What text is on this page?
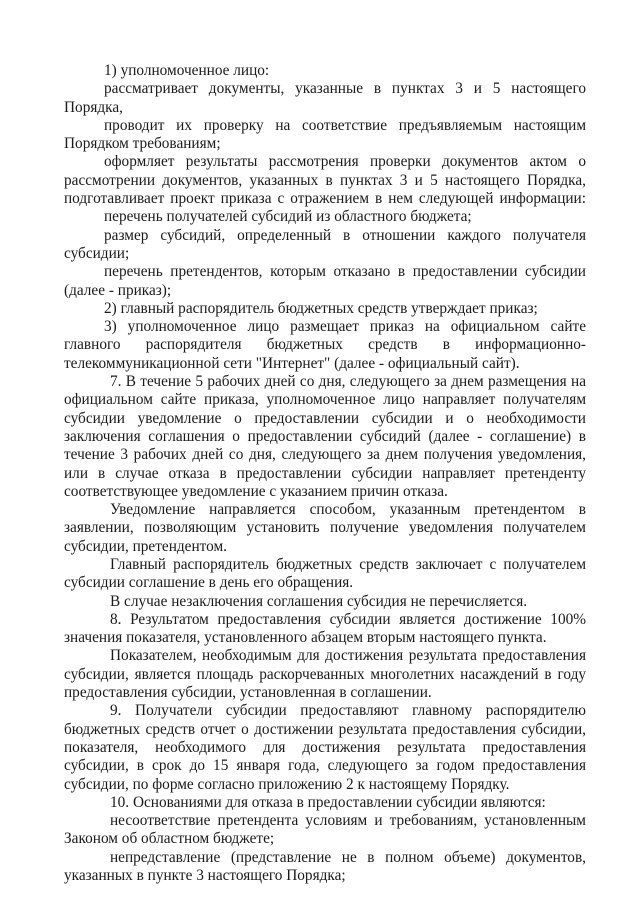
1) уполномоченное лицо:
рассматривает документы, указанные в пунктах 3 и 5 настоящего
Порядка,
проводит их проверку на соответствие предъявляемым настоящим
Порядком требованиям;
оформляет результаты рассмотрения проверки документов актом о
рассмотрении документов, указанных в пунктах 3 и 5 настоящего Порядка,
подготавливает проект приказа с отражением в нем следующей информации:
перечень получателей субсидий из областного бюджета;
размер субсидий, определенный в отношении каждого получателя
субсидии;
перечень претендентов, которым отказано в предоставлении субсидии
(далее - приказ);
2) главный распорядитель бюджетных средств утверждает приказ;
3) уполномоченное лицо размещает приказ на официальном сайте
главного распорядителя бюджетных средств в информационно-
телекоммуникационной сети "Интернет" (далее - официальный сайт).
7. В течение 5 рабочих дней со дня, следующего за днем размещения на
официальном сайте приказа, уполномоченное лицо направляет получателям
субсидии уведомление о предоставлении субсидии и о необходимости
заключения соглашения о предоставлении субсидий (далее - соглашение) в
течение 3 рабочих дней со дня, следующего за днем получения уведомления,
или в случае отказа в предоставлении субсидии направляет претенденту
соответствующее уведомление с указанием причин отказа.
Уведомление направляется способом, указанным претендентом в
заявлении, позволяющим установить получение уведомления получателем
субсидии, претендентом.
Главный распорядитель бюджетных средств заключает с получателем
субсидии соглашение в день его обращения.
В случае незаключения соглашения субсидия не перечисляется.
8. Результатом предоставления субсидии является достижение 100%
значения показателя, установленного абзацем вторым настоящего пункта.
Показателем, необходимым для достижения результата предоставления
субсидии, является площадь раскорчеванных многолетних насаждений в году
предоставления субсидии, установленная в соглашении.
9. Получатели субсидии предоставляют главному распорядителю
бюджетных средств отчет о достижении результата предоставления субсидии,
показателя, необходимого для достижения результата предоставления
субсидии, в срок до 15 января года, следующего за годом предоставления
субсидии, по форме согласно приложению 2 к настоящему Порядку.
10. Основаниями для отказа в предоставлении субсидии являются:
несоответствие претендента условиям и требованиям, установленным
Законом об областном бюджете;
непредставление (представление не в полном объеме) документов,
указанных в пункте 3 настоящего Порядка;
